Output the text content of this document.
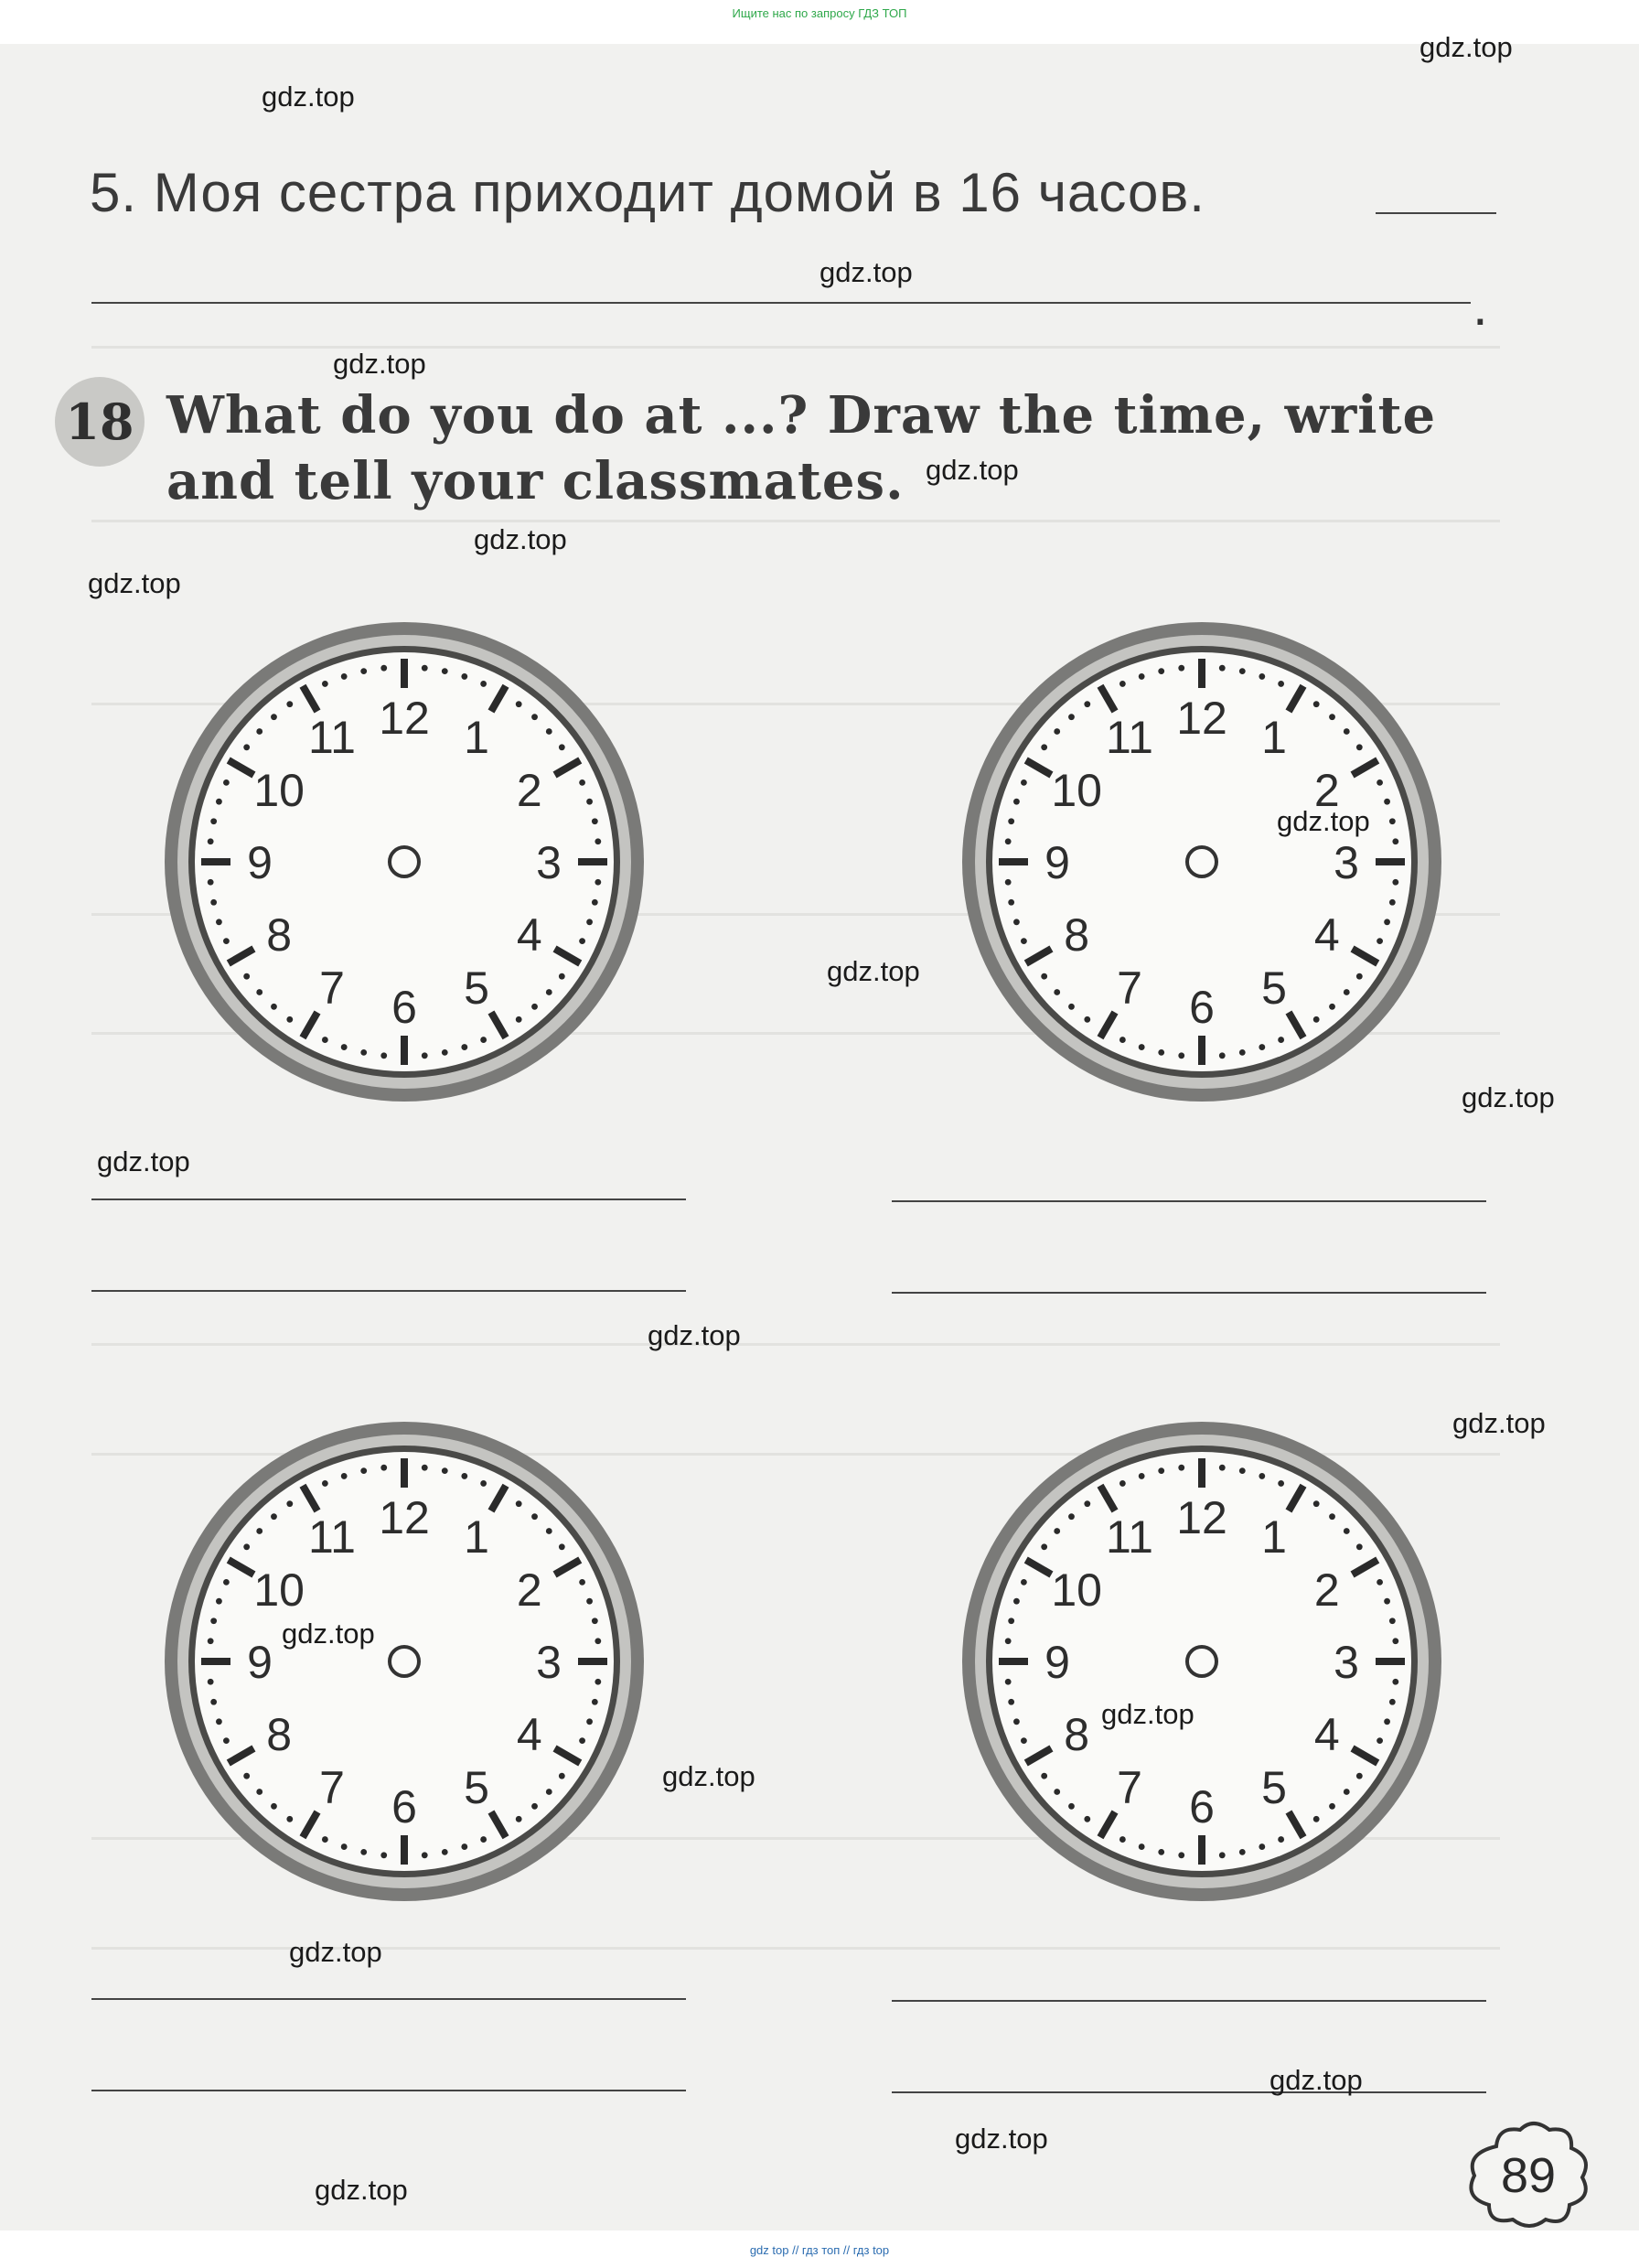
Ищите нас по запросу ГДЗ ТОП
5. Моя сестра приходит домой в 16 часов.
.
18 What do you do at ...? Draw the time, write
and tell your classmates.
12 1
2
3
4
5
6
7
8
9
10
11	12 1
2
3
4
5
6
7
8
9
10
11
12 1
2
3
4
5
6
7
8
9
10
11	12 1
2
3
4
5
6
7
8
9
10
11
89
gdz.top
gdz.top
gdz.top
gdz.top
gdz.top
gdz.top
gdz.top
gdz.top
gdz.top
gdz.top
gdz.top
gdz.top
gdz.top
gdz.top
gdz.top
gdz.top
gdz.top
gdz.top
gdz.top
gdz.top
gdz top // гдз топ // гдз top
